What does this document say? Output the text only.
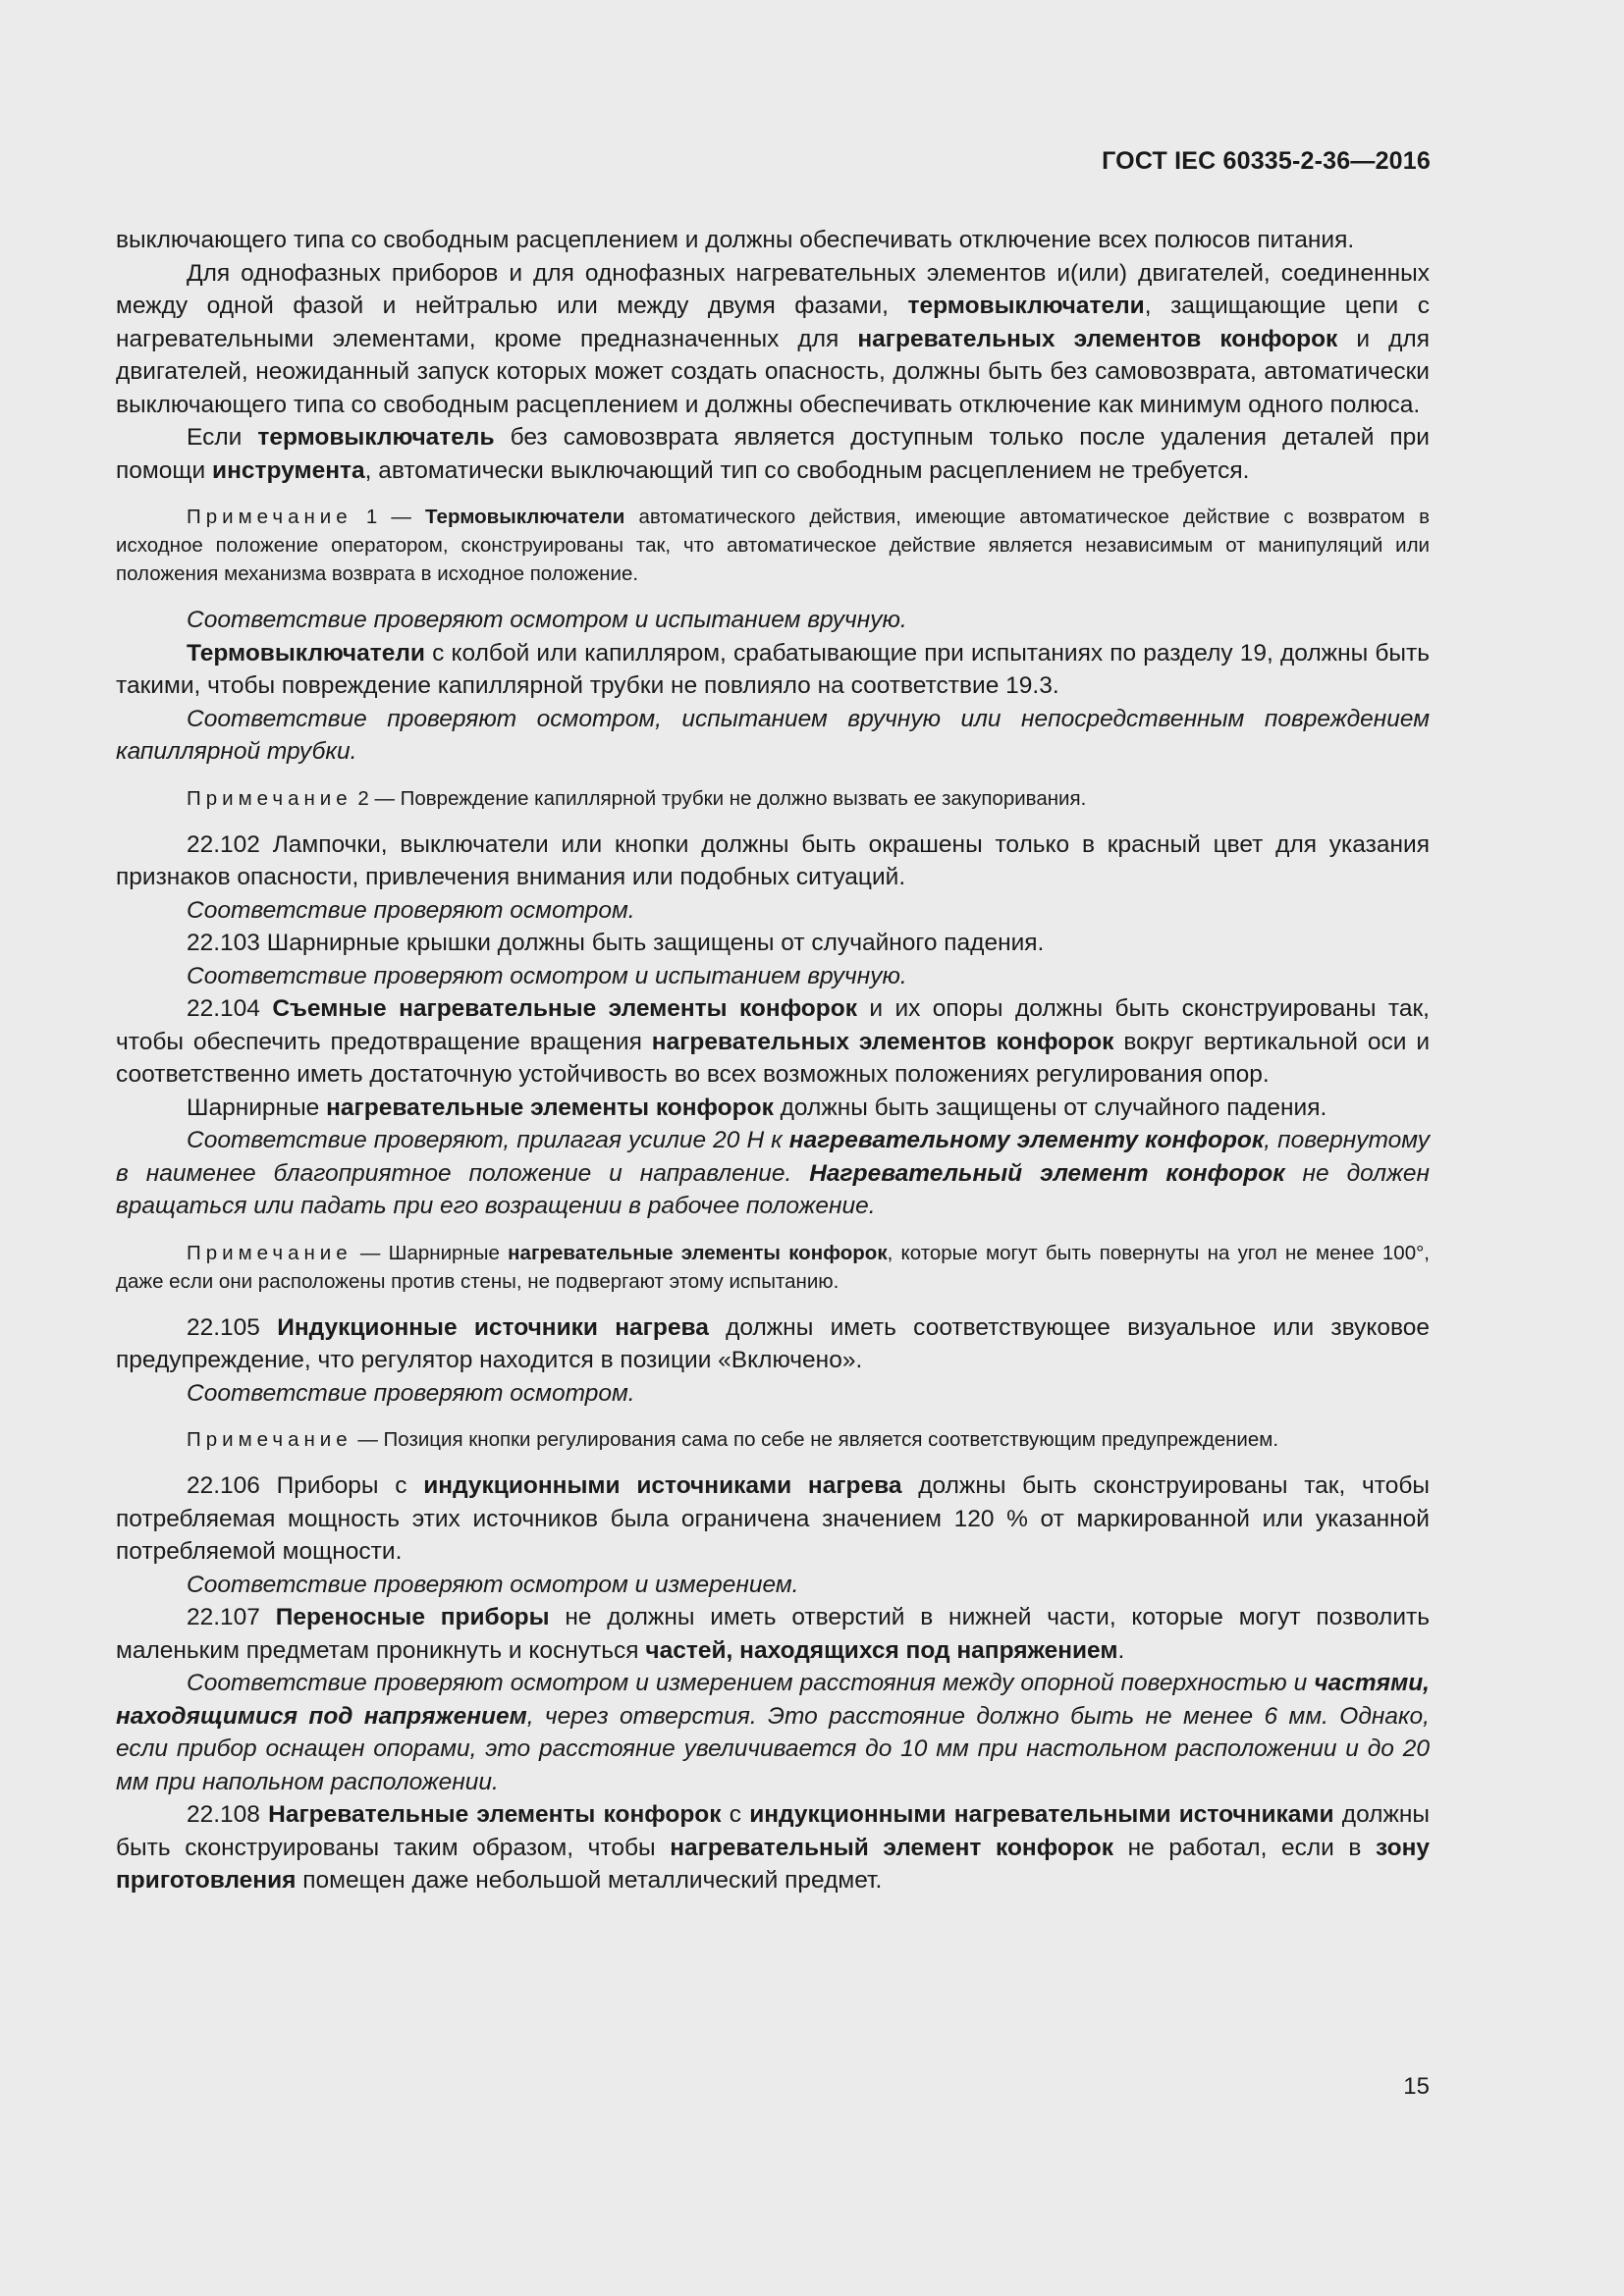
ГОСТ IEC 60335-2-36—2016

выключающего типа со свободным расцеплением и должны обеспечивать отключение всех полюсов питания.

Для однофазных приборов и для однофазных нагревательных элементов и(или) двигателей, соединенных между одной фазой и нейтралью или между двумя фазами, термовыключатели, защищающие цепи с нагревательными элементами, кроме предназначенных для нагревательных элементов конфорок и для двигателей, неожиданный запуск которых может создать опасность, должны быть без самовозврата, автоматически выключающего типа со свободным расцеплением и должны обеспечивать отключение как минимум одного полюса.

Если термовыключатель без самовозврата является доступным только после удаления деталей при помощи инструмента, автоматически выключающий тип со свободным расцеплением не требуется.

Примечание 1 — Термовыключатели автоматического действия, имеющие автоматическое действие с возвратом в исходное положение оператором, сконструированы так, что автоматическое действие является независимым от манипуляций или положения механизма возврата в исходное положение.

Соответствие проверяют осмотром и испытанием вручную.

Термовыключатели с колбой или капилляром, срабатывающие при испытаниях по разделу 19, должны быть такими, чтобы повреждение капиллярной трубки не повлияло на соответствие 19.3.

Соответствие проверяют осмотром, испытанием вручную или непосредственным повреждением капиллярной трубки.

Примечание 2 — Повреждение капиллярной трубки не должно вызвать ее закупоривания.

22.102 Лампочки, выключатели или кнопки должны быть окрашены только в красный цвет для указания признаков опасности, привлечения внимания или подобных ситуаций.

Соответствие проверяют осмотром.

22.103 Шарнирные крышки должны быть защищены от случайного падения.

Соответствие проверяют осмотром и испытанием вручную.

22.104 Съемные нагревательные элементы конфорок и их опоры должны быть сконструированы так, чтобы обеспечить предотвращение вращения нагревательных элементов конфорок вокруг вертикальной оси и соответственно иметь достаточную устойчивость во всех возможных положениях регулирования опор.

Шарнирные нагревательные элементы конфорок должны быть защищены от случайного падения.

Соответствие проверяют, прилагая усилие 20 Н к нагревательному элементу конфорок, повернутому в наименее благоприятное положение и направление. Нагревательный элемент конфорок не должен вращаться или падать при его возращении в рабочее положение.

Примечание — Шарнирные нагревательные элементы конфорок, которые могут быть повернуты на угол не менее 100°, даже если они расположены против стены, не подвергают этому испытанию.

22.105 Индукционные источники нагрева должны иметь соответствующее визуальное или звуковое предупреждение, что регулятор находится в позиции «Включено».

Соответствие проверяют осмотром.

Примечание — Позиция кнопки регулирования сама по себе не является соответствующим предупреждением.

22.106 Приборы с индукционными источниками нагрева должны быть сконструированы так, чтобы потребляемая мощность этих источников была ограничена значением 120 % от маркированной или указанной потребляемой мощности.

Соответствие проверяют осмотром и измерением.

22.107 Переносные приборы не должны иметь отверстий в нижней части, которые могут позволить маленьким предметам проникнуть и коснуться частей, находящихся под напряжением.

Соответствие проверяют осмотром и измерением расстояния между опорной поверхностью и частями, находящимися под напряжением, через отверстия. Это расстояние должно быть не менее 6 мм. Однако, если прибор оснащен опорами, это расстояние увеличивается до 10 мм при настольном расположении и до 20 мм при напольном расположении.

22.108 Нагревательные элементы конфорок с индукционными нагревательными источниками должны быть сконструированы таким образом, чтобы нагревательный элемент конфорок не работал, если в зону приготовления помещен даже небольшой металлический предмет.

15
